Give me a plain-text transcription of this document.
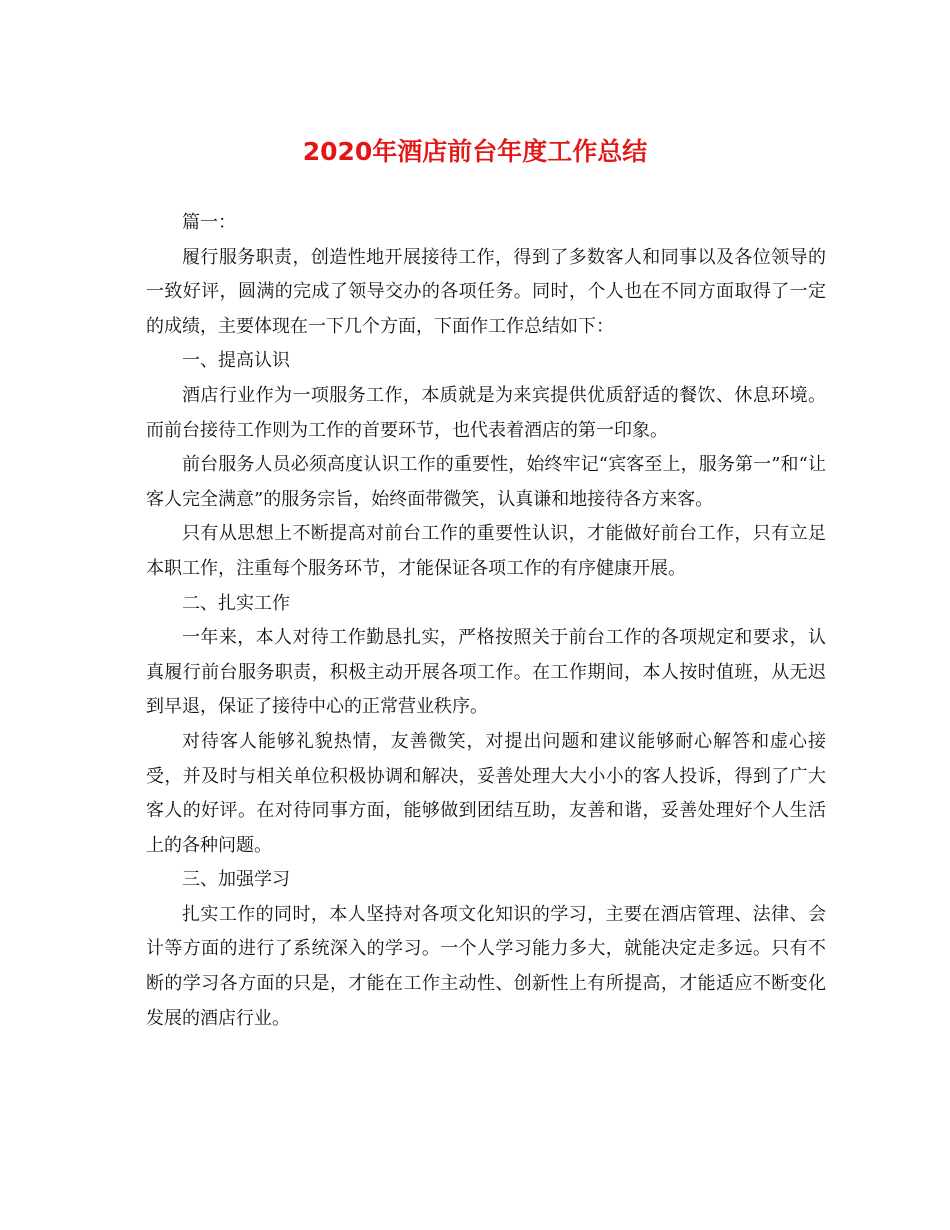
2020年酒店前台年度工作总结

篇一：

履行服务职责，创造性地开展接待工作，得到了多数客人和同事以及各位领导的一致好评，圆满的完成了领导交办的各项任务。同时，个人也在不同方面取得了一定的成绩，主要体现在一下几个方面，下面作工作总结如下：

一、提高认识

酒店行业作为一项服务工作，本质就是为来宾提供优质舒适的餐饮、休息环境。而前台接待工作则为工作的首要环节，也代表着酒店的第一印象。

前台服务人员必须高度认识工作的重要性，始终牢记“宾客至上，服务第一”和“让客人完全满意”的服务宗旨，始终面带微笑，认真谦和地接待各方来客。

只有从思想上不断提高对前台工作的重要性认识，才能做好前台工作，只有立足本职工作，注重每个服务环节，才能保证各项工作的有序健康开展。

二、扎实工作

一年来，本人对待工作勤恳扎实，严格按照关于前台工作的各项规定和要求，认真履行前台服务职责，积极主动开展各项工作。在工作期间，本人按时值班，从无迟到早退，保证了接待中心的正常营业秩序。

对待客人能够礼貌热情，友善微笑，对提出问题和建议能够耐心解答和虚心接受，并及时与相关单位积极协调和解决，妥善处理大大小小的客人投诉，得到了广大客人的好评。在对待同事方面，能够做到团结互助，友善和谐，妥善处理好个人生活上的各种问题。

三、加强学习

扎实工作的同时，本人坚持对各项文化知识的学习，主要在酒店管理、法律、会计等方面的进行了系统深入的学习。一个人学习能力多大，就能决定走多远。只有不断的学习各方面的只是，才能在工作主动性、创新性上有所提高，才能适应不断变化发展的酒店行业。
